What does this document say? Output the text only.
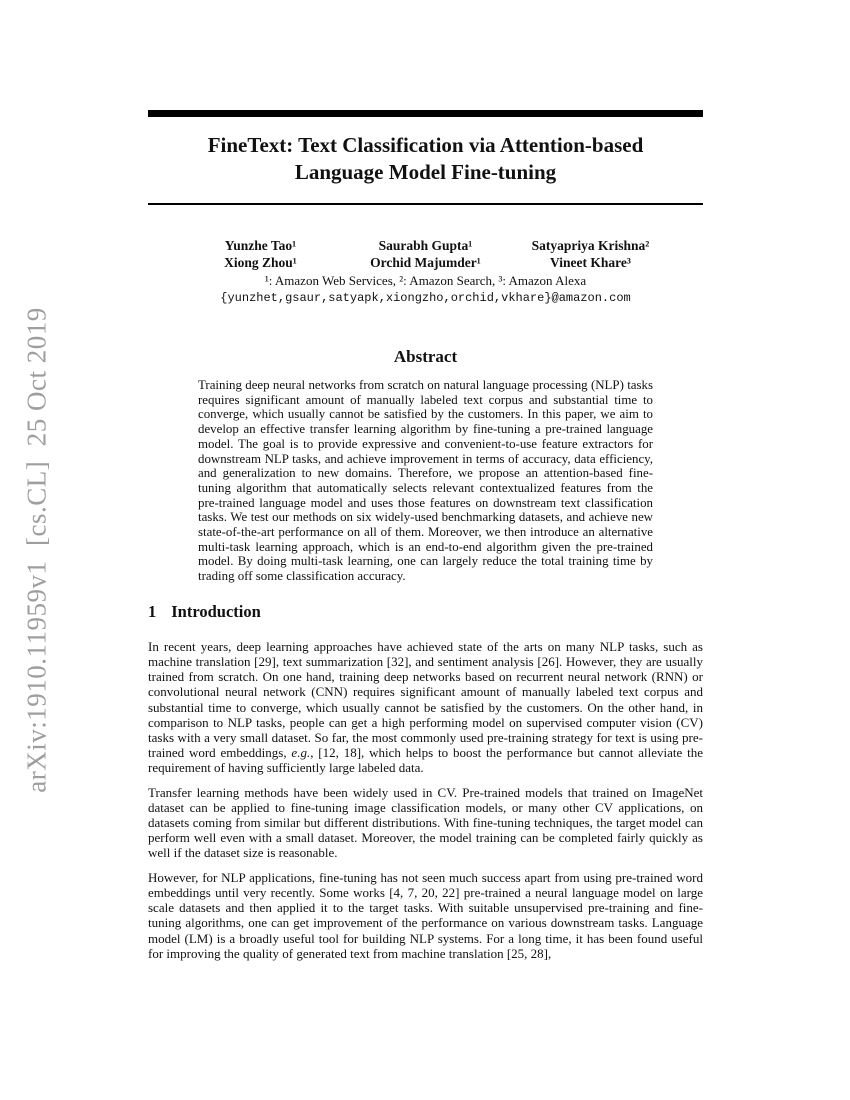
arXiv:1910.11959v1  [cs.CL]  25 Oct 2019
FineText: Text Classification via Attention-based
Language Model Fine-tuning
Yunzhe Tao¹	Saurabh Gupta¹	Satyapriya Krishna²
Xiong Zhou¹	Orchid Majumder¹	Vineet Khare³
¹: Amazon Web Services, ²: Amazon Search, ³: Amazon Alexa
{yunzhet,gsaur,satyapk,xiongzho,orchid,vkhare}@amazon.com
Abstract

Training deep neural networks from scratch on natural language processing (NLP) tasks requires significant amount of manually labeled text corpus and substantial time to converge, which usually cannot be satisfied by the customers. In this paper, we aim to develop an effective transfer learning algorithm by fine-tuning a pre-trained language model. The goal is to provide expressive and convenient-to-use feature extractors for downstream NLP tasks, and achieve improvement in terms of accuracy, data efficiency, and generalization to new domains. Therefore, we propose an attention-based fine-tuning algorithm that automatically selects relevant contextualized features from the pre-trained language model and uses those features on downstream text classification tasks. We test our methods on six widely-used benchmarking datasets, and achieve new state-of-the-art performance on all of them. Moreover, we then introduce an alternative multi-task learning approach, which is an end-to-end algorithm given the pre-trained model. By doing multi-task learning, one can largely reduce the total training time by trading off some classification accuracy.

1 Introduction

In recent years, deep learning approaches have achieved state of the arts on many NLP tasks, such as machine translation [29], text summarization [32], and sentiment analysis [26]. However, they are usually trained from scratch. On one hand, training deep networks based on recurrent neural network (RNN) or convolutional neural network (CNN) requires significant amount of manually labeled text corpus and substantial time to converge, which usually cannot be satisfied by the customers. On the other hand, in comparison to NLP tasks, people can get a high performing model on supervised computer vision (CV) tasks with a very small dataset. So far, the most commonly used pre-training strategy for text is using pre-trained word embeddings, e.g., [12, 18], which helps to boost the performance but cannot alleviate the requirement of having sufficiently large labeled data.

Transfer learning methods have been widely used in CV. Pre-trained models that trained on ImageNet dataset can be applied to fine-tuning image classification models, or many other CV applications, on datasets coming from similar but different distributions. With fine-tuning techniques, the target model can perform well even with a small dataset. Moreover, the model training can be completed fairly quickly as well if the dataset size is reasonable.

However, for NLP applications, fine-tuning has not seen much success apart from using pre-trained word embeddings until very recently. Some works [4, 7, 20, 22] pre-trained a neural language model on large scale datasets and then applied it to the target tasks. With suitable unsupervised pre-training and fine-tuning algorithms, one can get improvement of the performance on various downstream tasks. Language model (LM) is a broadly useful tool for building NLP systems. For a long time, it has been found useful for improving the quality of generated text from machine translation [25, 28],
